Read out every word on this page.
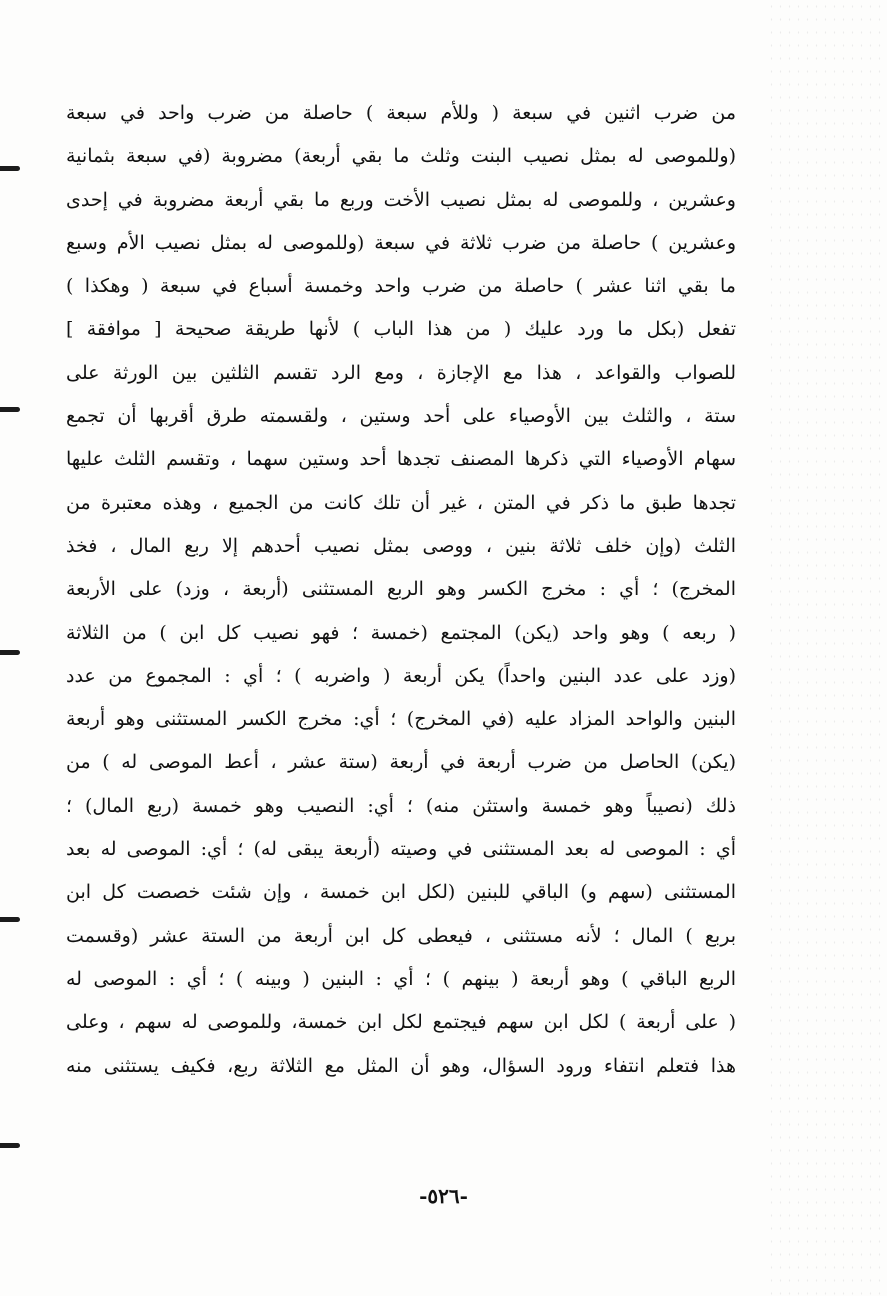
من ضرب اثنين في سبعة ( وللأم سبعة ) حاصلة من ضرب واحد في سبعة
(وللموصى له بمثل نصيب البنت وثلث ما بقي أربعة) مضروبة (في سبعة بثمانية
وعشرين ، وللموصى له بمثل نصيب الأخت وربع ما بقي أربعة مضروبة في إحدى
وعشرين ) حاصلة من ضرب ثلاثة في سبعة (وللموصى له بمثل نصيب الأم وسبع
ما بقي اثنا عشر ) حاصلة من ضرب واحد وخمسة أسباع في سبعة ( وهكذا )
تفعل (بكل ما ورد عليك ( من هذا الباب ) لأنها طريقة صحيحة [ موافقة ]
للصواب والقواعد ، هذا مع الإجازة ، ومع الرد تقسم الثلثين بين الورثة على
ستة ، والثلث بين الأوصياء على أحد وستين ، ولقسمته طرق أقربها أن تجمع
سهام الأوصياء التي ذكرها المصنف تجدها أحد وستين سهما ، وتقسم الثلث عليها
تجدها طبق ما ذكر في المتن ، غير أن تلك كانت من الجميع ، وهذه معتبرة من
الثلث (وإن خلف ثلاثة بنين ، ووصى بمثل نصيب أحدهم إلا ربع المال ، فخذ
المخرج) ؛ أي : مخرج الكسر وهو الربع المستثنى (أربعة ، وزد) على الأربعة
( ربعه ) وهو واحد (يكن) المجتمع (خمسة ؛ فهو نصيب كل ابن ) من الثلاثة
(وزد على عدد البنين واحداً) يكن أربعة ( واضربه ) ؛ أي : المجموع من عدد
البنين والواحد المزاد عليه (في المخرج) ؛ أي: مخرج الكسر المستثنى وهو أربعة
(يكن) الحاصل من ضرب أربعة في أربعة (ستة عشر ، أعط الموصى له ) من
ذلك (نصيباً وهو خمسة واستثن منه) ؛ أي: النصيب وهو خمسة (ربع المال) ؛
أي : الموصى له بعد المستثنى في وصيته (أربعة يبقى له) ؛ أي: الموصى له بعد
المستثنى (سهم و) الباقي للبنين (لكل ابن خمسة ، وإن شئت خصصت كل ابن
بربع ) المال ؛ لأنه مستثنى ، فيعطى كل ابن أربعة من الستة عشر (وقسمت
الربع الباقي ) وهو أربعة ( بينهم ) ؛ أي : البنين ( وبينه ) ؛ أي : الموصى له
( على أربعة ) لكل ابن سهم فيجتمع لكل ابن خمسة، وللموصى له سهم ، وعلى
هذا فتعلم انتفاء ورود السؤال، وهو أن المثل مع الثلاثة ربع، فكيف يستثنى منه
-٥٢٦-
